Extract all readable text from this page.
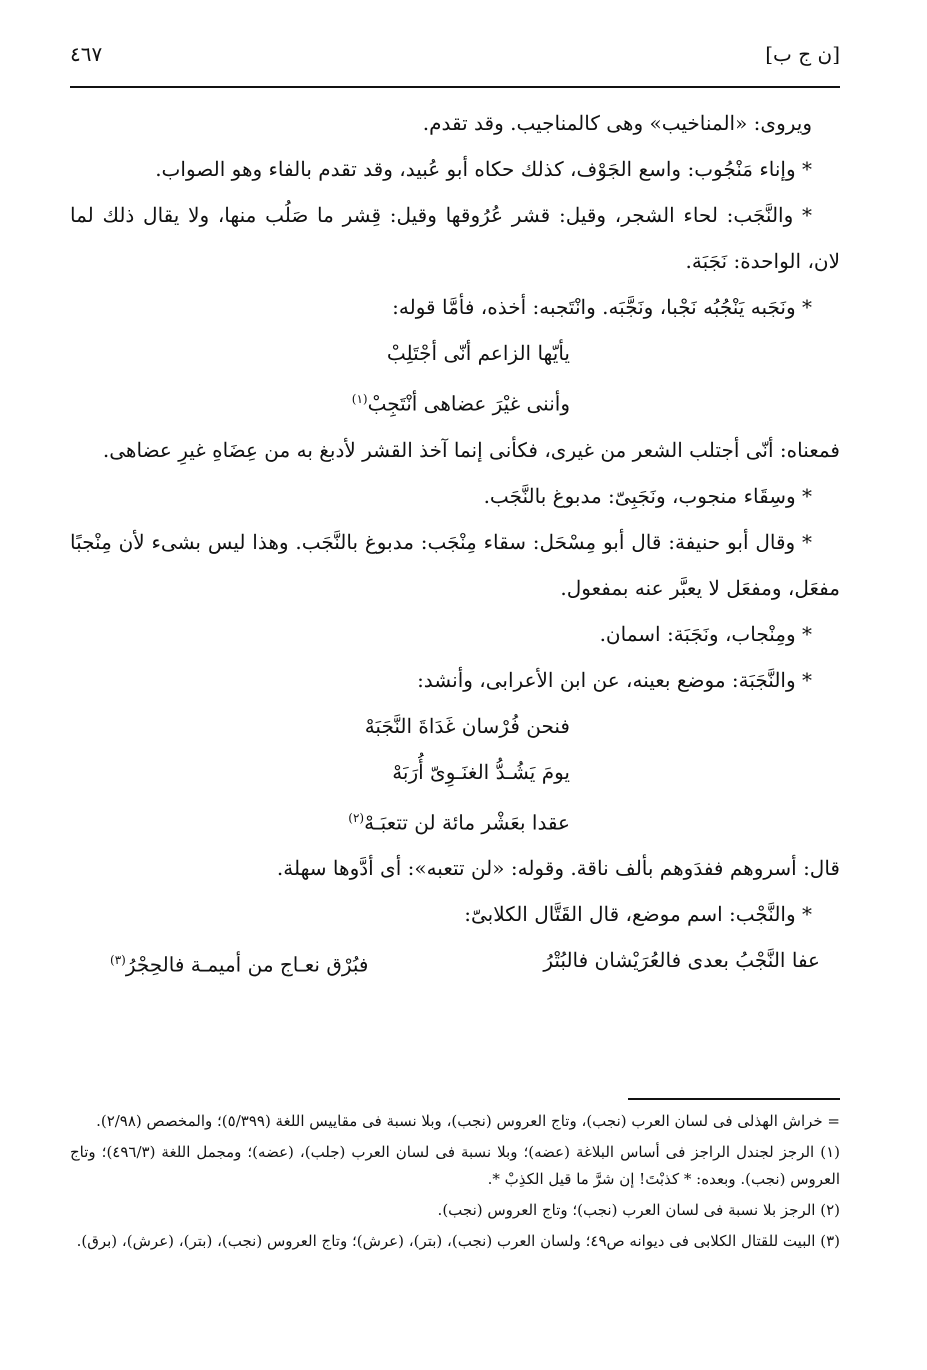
[ن ج ب]
٤٦٧

ويروى: «المناخيب» وهى كالمناجيب. وقد تقدم.

* وإناء مَنْجُوب: واسع الجَوْف، كذلك حكاه أبو عُبيد، وقد تقدم بالفاء وهو الصواب.

* والنَّجَب: لحاء الشجر، وقيل: قشر عُرُوقها وقيل: قِشر ما صَلُب منها، ولا يقال ذلك لما لان، الواحدة: نَجَبَة.

* ونَجَبه يَنْجُبُه نَجْبا، ونَجَّبَه. وانْتَجبه: أخذه، فأمَّا قوله:

يأيّها الزاعم أنّى أجْتَلِبْ

وأننى غيْرَ عضاهى أنْتَجِبْ$^{(١)}$

فمعناه: أنّى أجتلب الشعر من غيرى، فكأنى إنما آخذ القشر لأدبغ به من عِضَاهِ غيرِ عضاهى.

* وسِقَاء منجوب، ونَجَبِىّ: مدبوغ بالنَّجَب.

* وقال أبو حنيفة: قال أبو مِسْحَل: سقاء مِنْجَب: مدبوغ بالنَّجَب. وهذا ليس بشىء لأن مِنْجبًا مفعَل، ومفعَل لا يعبَّر عنه بمفعول.

* ومِنْجاب، ونَجَبَة: اسمان.

* والنَّجَبَة: موضع بعينه، عن ابن الأعرابى، وأنشد:

فنحن فُرْسان غَدَاةَ النَّجَبَهْ

يومَ يَشُـدُّ الغنَـوِىّ أُرَبَهْ

عقدا بعَشْر مائة لن تتعبَـهْ$^{(٢)}$

قال: أسروهم ففدَوهم بألف ناقة. وقوله: «لن تتعبه»: أى أدَّوها سهلة.

* والنَّجْب: اسم موضع، قال القَتَّال الكلابىّ:

عفا النَّجْبُ بعدى فالعُرَيْشان فالبُتْرُ
فبُرْق نعـاج من أميمـة فالحِجْرُ$^{(٣)}$

= خراش الهذلى فى لسان العرب (نجب)، وتاج العروس (نجب)، وبلا نسبة فى مقاييس اللغة (٥/٣٩٩)؛ والمخصص (٢/٩٨).

(١) الرجز لجندل الراجز فى أساس البلاغة (عضه)؛ وبلا نسبة فى لسان العرب (جلب)، (عضه)؛ ومجمل اللغة (٤٩٦/٣)؛ وتاج العروس (نجب). وبعده: * كذبْتَ! إن شرَّ ما قيل الكذِبْ *.

(٢) الرجز بلا نسبة فى لسان العرب (نجب)؛ وتاج العروس (نجب).

(٣) البيت للقتال الكلابى فى ديوانه ص٤٩؛ ولسان العرب (نجب)، (بتر)، (عرش)؛ وتاج العروس (نجب)، (بتر)، (عرش)، (برق).
